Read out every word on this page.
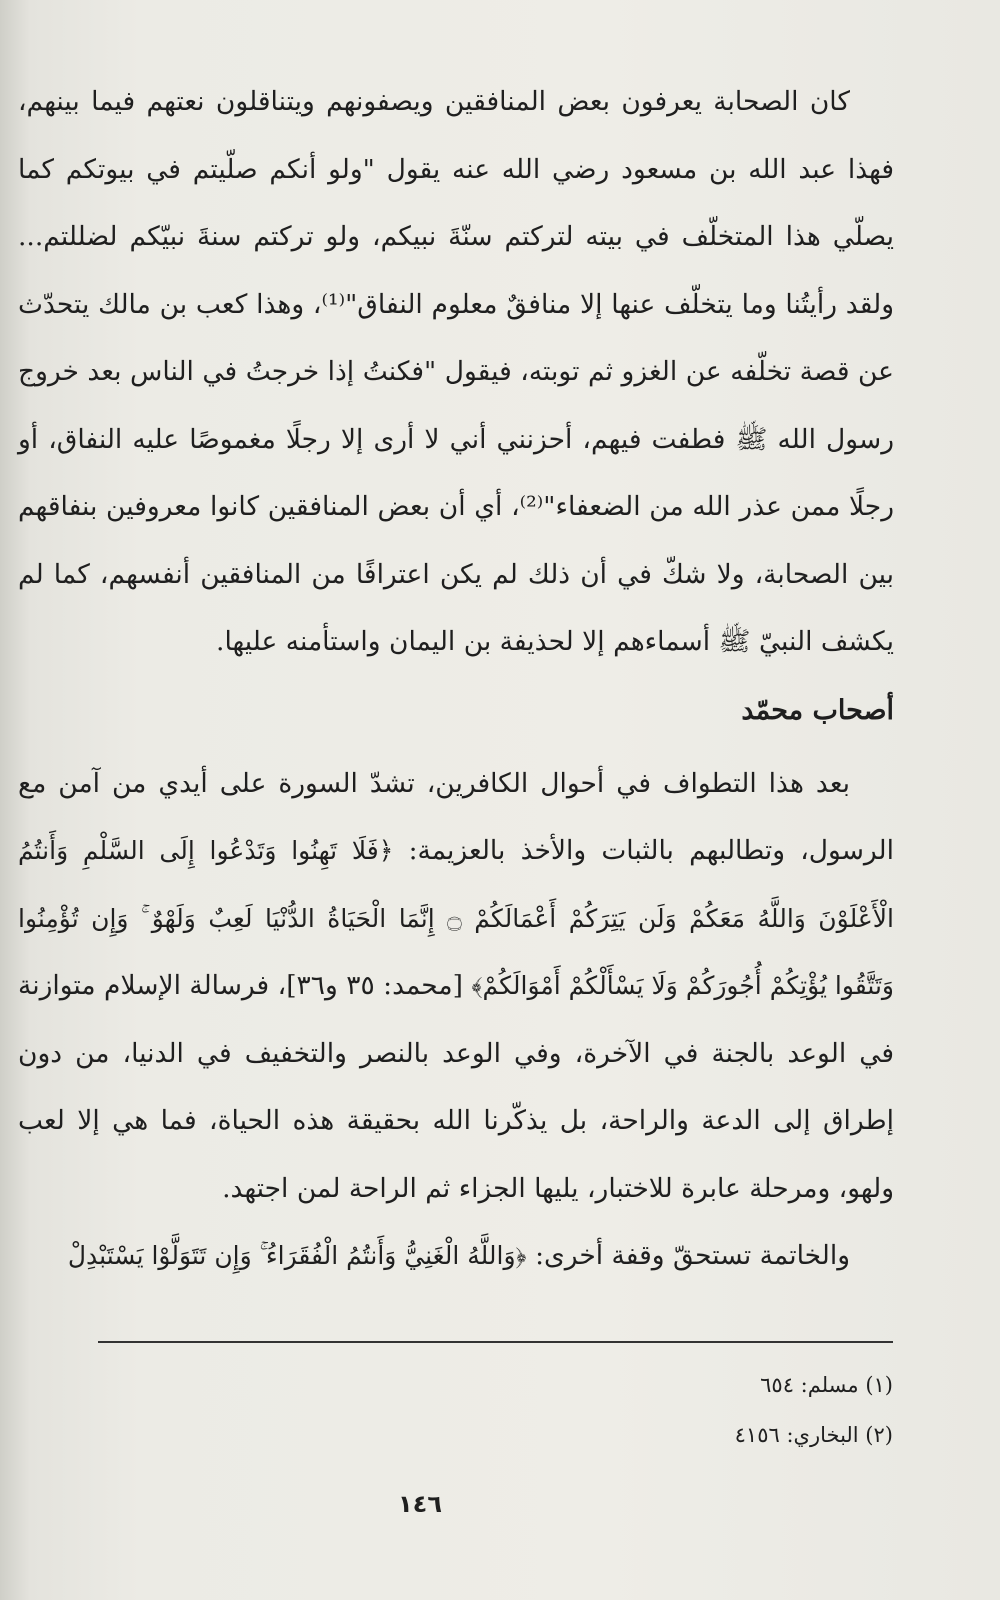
كان الصحابة يعرفون بعض المنافقين ويصفونهم ويتناقلون نعتهم فيما بينهم، فهذا عبد الله بن مسعود رضي الله عنه يقول "ولو أنكم صلّيتم في بيوتكم كما يصلّي هذا المتخلّف في بيته لتركتم سنّةَ نبيكم، ولو تركتم سنةَ نبيّكم لضللتم... ولقد رأيتُنا وما يتخلّف عنها إلا منافقٌ معلوم النفاق"⁽¹⁾، وهذا كعب بن مالك يتحدّث عن قصة تخلّفه عن الغزو ثم توبته، فيقول "فكنتُ إذا خرجتُ في الناس بعد خروج رسول الله ﷺ فطفت فيهم، أحزنني أني لا أرى إلا رجلًا مغموصًا عليه النفاق، أو رجلًا ممن عذر الله من الضعفاء"⁽²⁾، أي أن بعض المنافقين كانوا معروفين بنفاقهم بين الصحابة، ولا شكّ في أن ذلك لم يكن اعترافًا من المنافقين أنفسهم، كما لم يكشف النبيّ ﷺ أسماءهم إلا لحذيفة بن اليمان واستأمنه عليها.

أصحاب محمّد

بعد هذا التطواف في أحوال الكافرين، تشدّ السورة على أيدي من آمن مع الرسول، وتطالبهم بالثبات والأخذ بالعزيمة: ﴿فَلَا تَهِنُوا وَتَدْعُوا إِلَى السَّلْمِ وَأَنتُمُ الْأَعْلَوْنَ وَاللَّهُ مَعَكُمْ وَلَن يَتِرَكُمْ أَعْمَالَكُمْ ۝ إِنَّمَا الْحَيَاةُ الدُّنْيَا لَعِبٌ وَلَهْوٌ ۚ وَإِن تُؤْمِنُوا وَتَتَّقُوا يُؤْتِكُمْ أُجُورَكُمْ وَلَا يَسْأَلْكُمْ أَمْوَالَكُمْ﴾ [محمد: ٣٥ و٣٦]، فرسالة الإسلام متوازنة في الوعد بالجنة في الآخرة، وفي الوعد بالنصر والتخفيف في الدنيا، من دون إطراق إلى الدعة والراحة، بل يذكّرنا الله بحقيقة هذه الحياة، فما هي إلا لعب ولهو، ومرحلة عابرة للاختبار، يليها الجزاء ثم الراحة لمن اجتهد.

والخاتمة تستحقّ وقفة أخرى: ﴿وَاللَّهُ الْغَنِيُّ وَأَنتُمُ الْفُقَرَاءُ ۚ وَإِن تَتَوَلَّوْا يَسْتَبْدِلْ

(١) مسلم: ٦٥٤

(٢) البخاري: ٤١٥٦

١٤٦
